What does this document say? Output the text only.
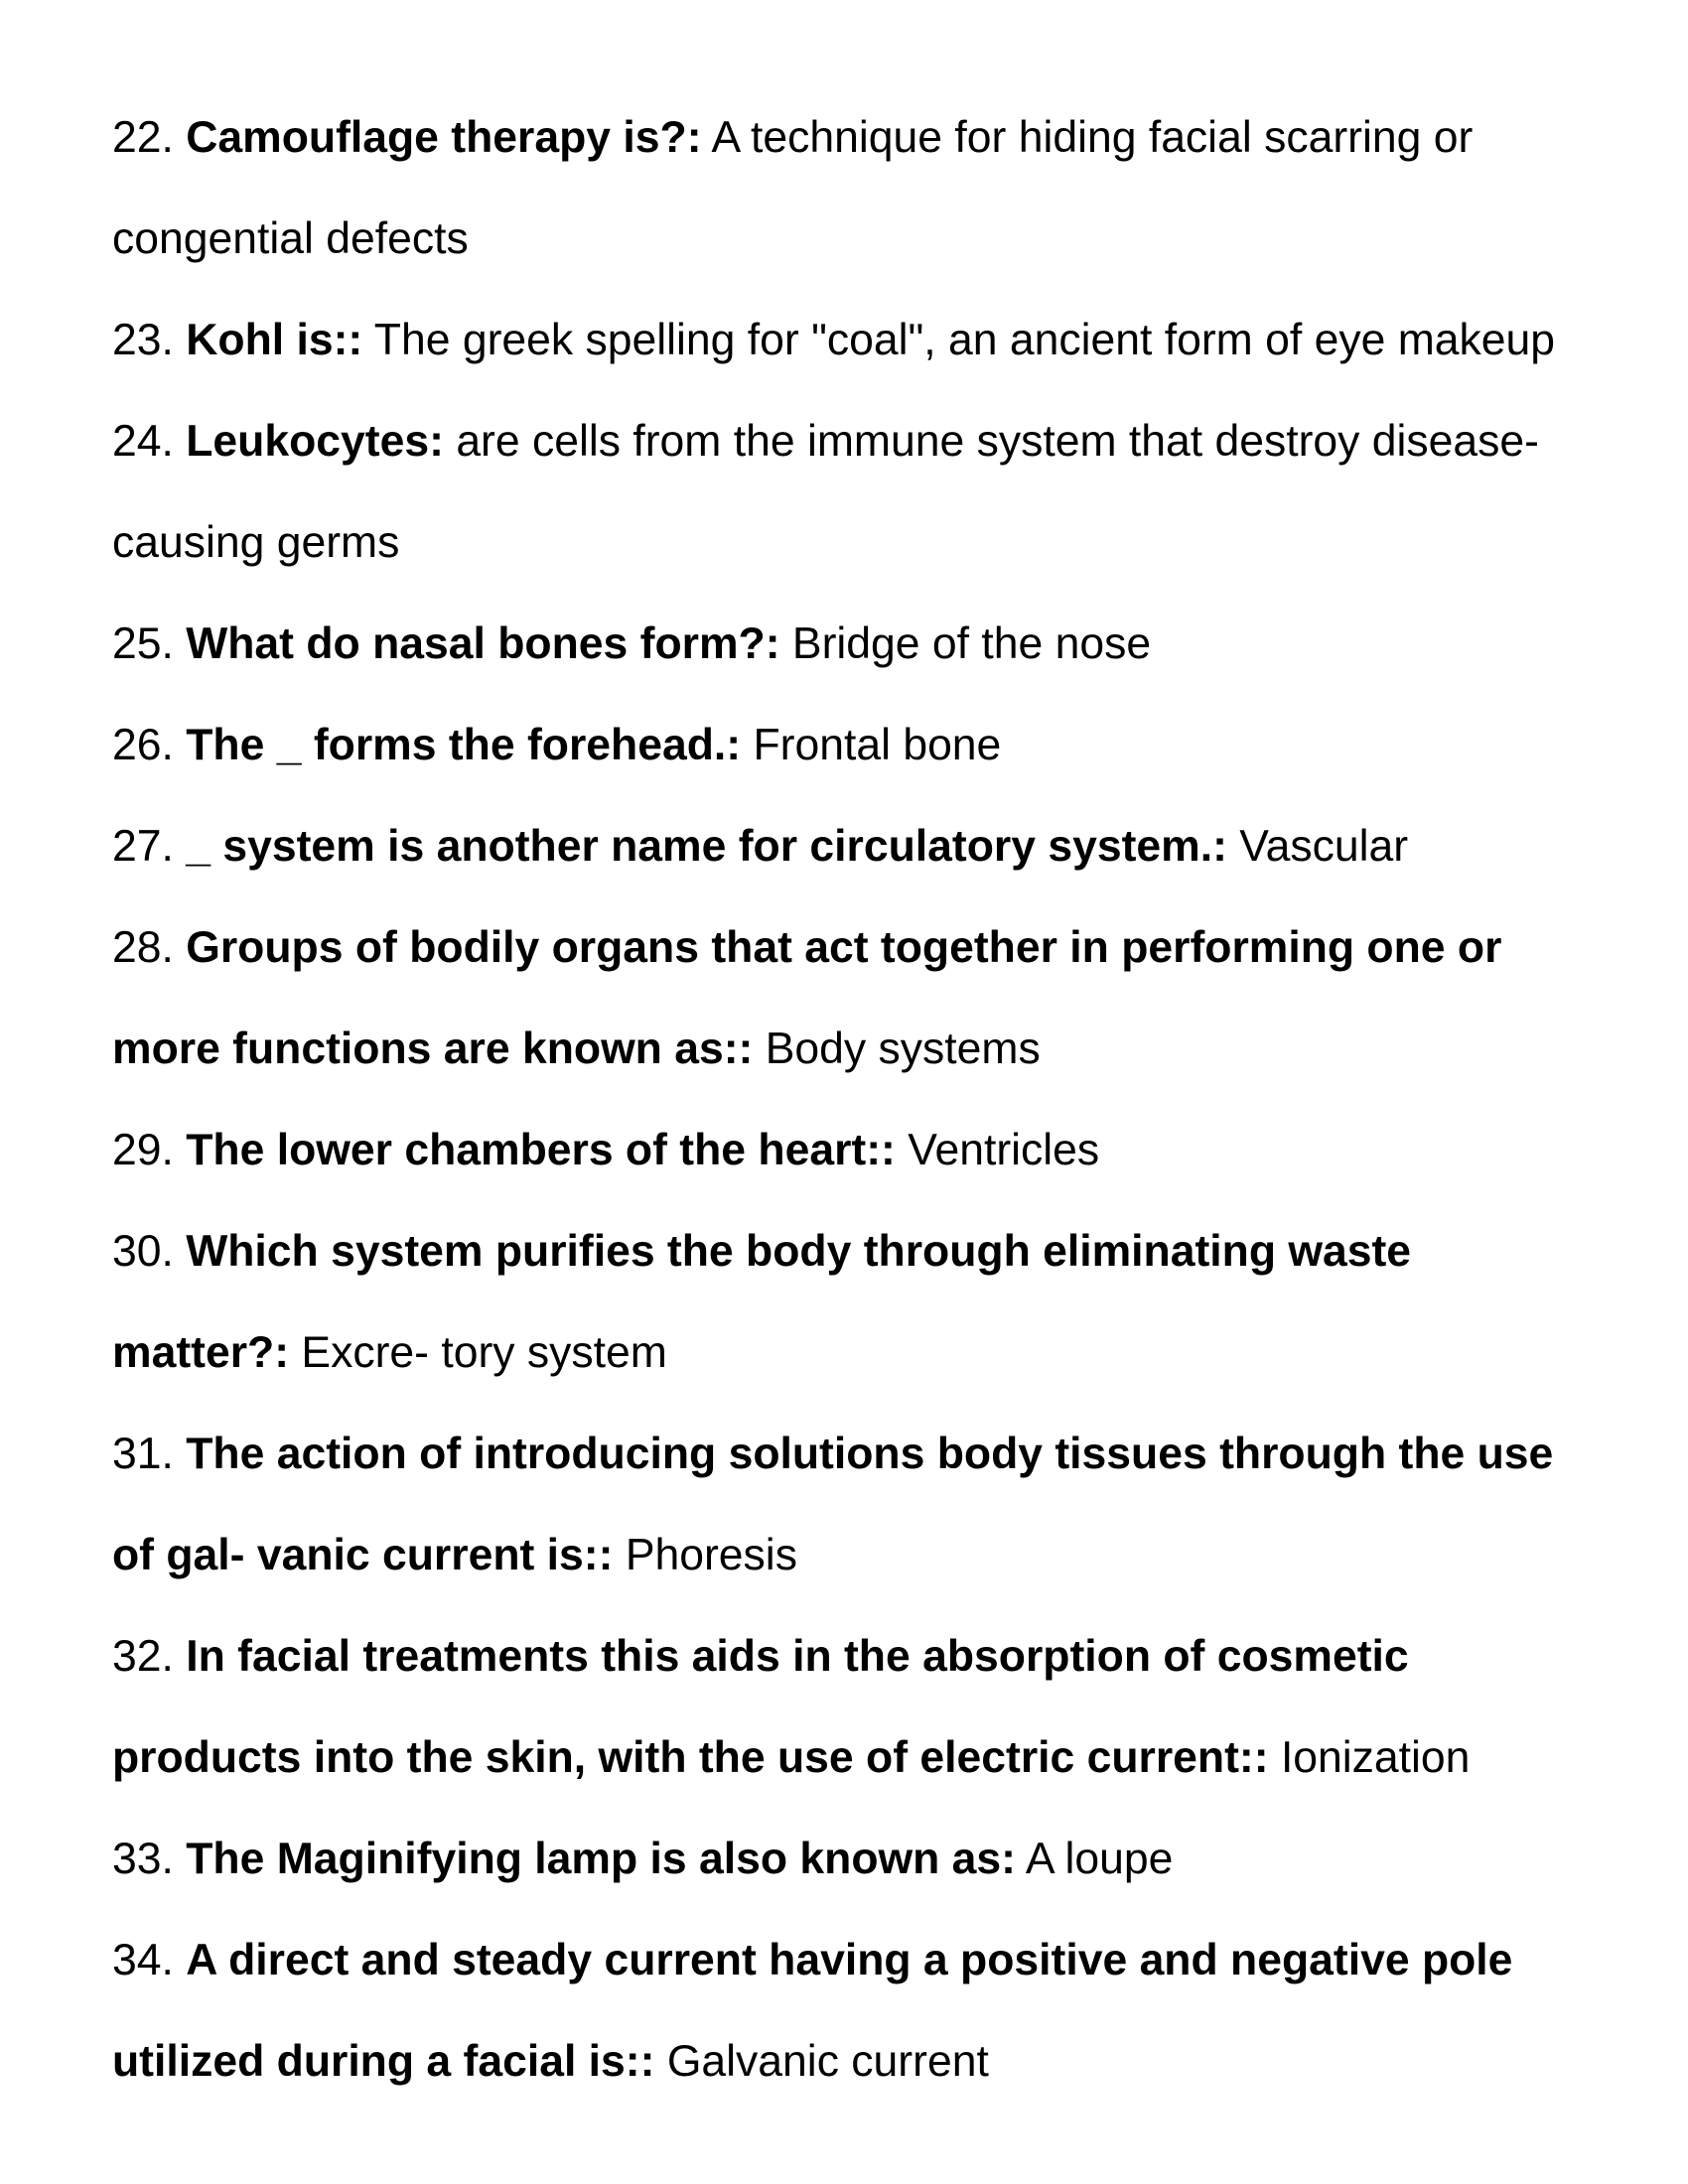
22. Camouflage therapy is?: A technique for hiding facial scarring or congential defects

23. Kohl is:: The greek spelling for "coal", an ancient form of eye makeup

24. Leukocytes: are cells from the immune system that destroy disease-causing germs

25. What do nasal bones form?: Bridge of the nose

26. The _ forms the forehead.: Frontal bone

27. _ system is another name for circulatory system.: Vascular

28. Groups of bodily organs that act together in performing one or more functions are known as:: Body systems

29. The lower chambers of the heart:: Ventricles

30. Which system purifies the body through eliminating waste matter?: Excre- tory system

31. The action of introducing solutions body tissues through the use of gal- vanic current is:: Phoresis

32. In facial treatments this aids in the absorption of cosmetic products into the skin, with the use of electric current:: Ionization

33. The Maginifying lamp is also known as: A loupe

34. A direct and steady current having a positive and negative pole utilized during a facial is:: Galvanic current
